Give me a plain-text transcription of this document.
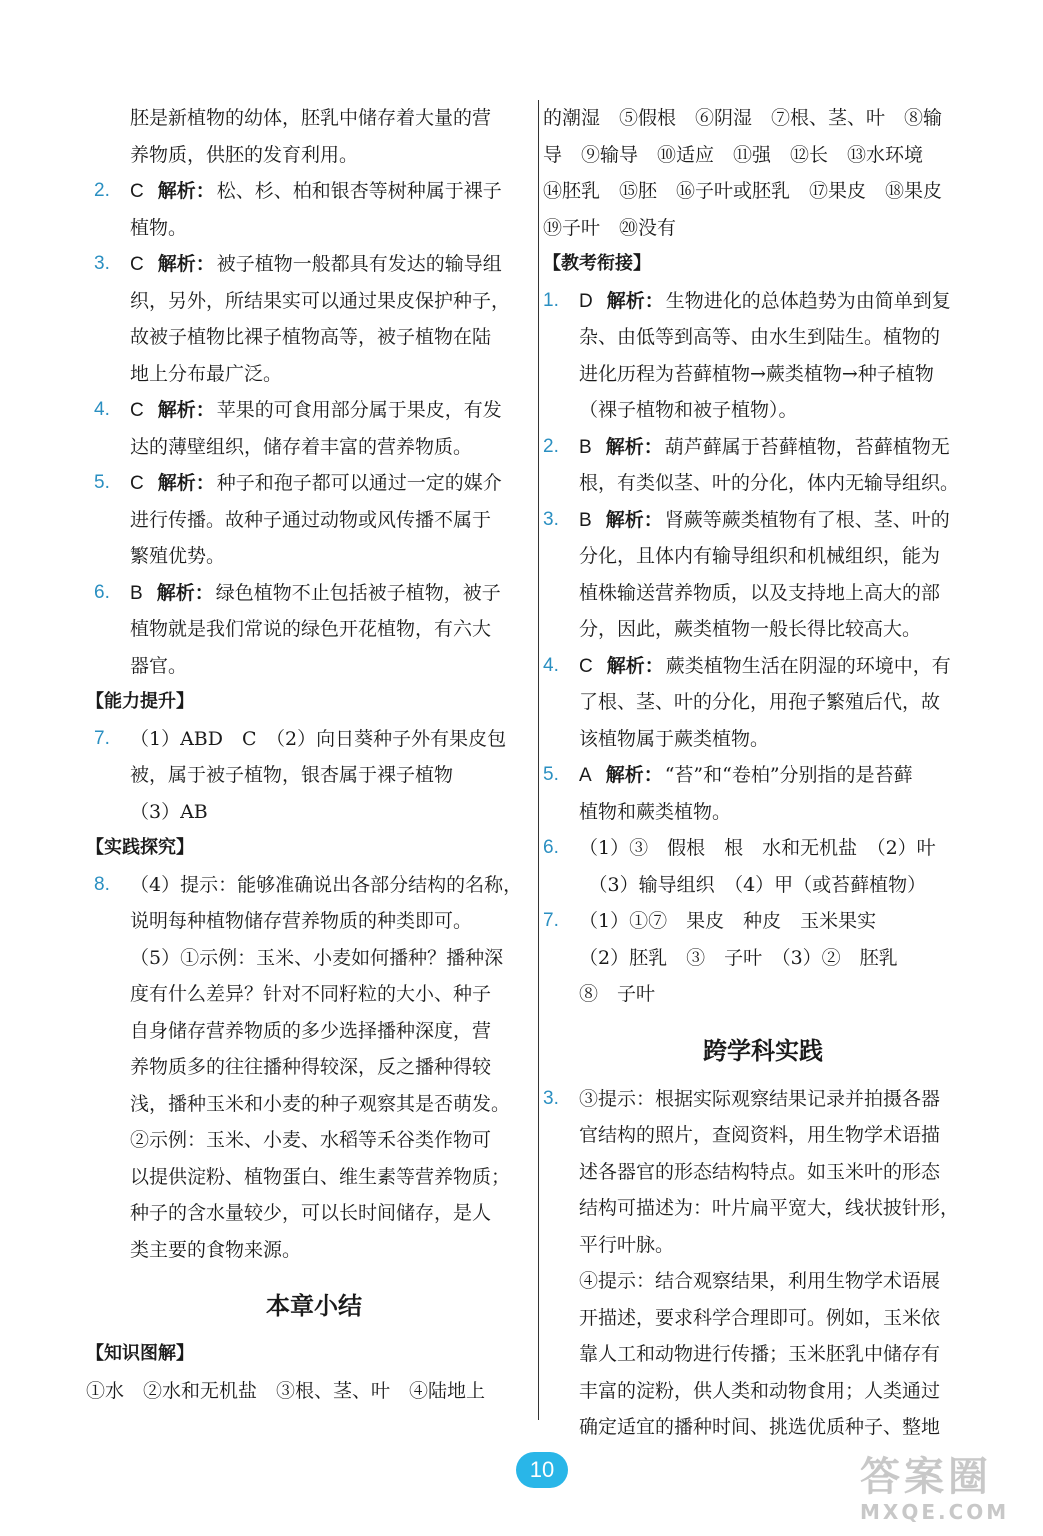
胚是新植物的幼体，胚乳中储存着大量的营
养物质，供胚的发育利用。
2.	C 解析： 松、杉、柏和银杏等树种属于裸子
植物。
3.	C 解析： 被子植物一般都具有发达的输导组
织，另外，所结果实可以通过果皮保护种子，
故被子植物比裸子植物高等，被子植物在陆
地上分布最广泛。
4.	C 解析： 苹果的可食用部分属于果皮，有发
达的薄壁组织，储存着丰富的营养物质。
5.	C 解析： 种子和孢子都可以通过一定的媒介
进行传播。故种子通过动物或风传播不属于
繁殖优势。
6.	B 解析： 绿色植物不止包括被子植物，被子
植物就是我们常说的绿色开花植物，有六大
器官。
【能力提升】
7.	（1）ABD　C　（2）向日葵种子外有果皮包
被，属于被子植物，银杏属于裸子植物
（3）AB
【实践探究】
8.	（4）提示：能够准确说出各部分结构的名称，
说明每种植物储存营养物质的种类即可。
（5）①示例：玉米、小麦如何播种？播种深
度有什么差异？针对不同籽粒的大小、种子
自身储存营养物质的多少选择播种深度，营
养物质多的往往播种得较深，反之播种得较
浅，播种玉米和小麦的种子观察其是否萌发。
②示例：玉米、小麦、水稻等禾谷类作物可
以提供淀粉、植物蛋白、维生素等营养物质；
种子的含水量较少，可以长时间储存，是人
类主要的食物来源。
本章小结
【知识图解】
①水　②水和无机盐　③根、茎、叶　④陆地上
的潮湿　⑤假根　⑥阴湿　⑦根、茎、叶　⑧输
导　⑨输导　⑩适应　⑪强　⑫长　⑬水环境
⑭胚乳　⑮胚　⑯子叶或胚乳　⑰果皮　⑱果皮
⑲子叶　⑳没有
【教考衔接】
1.	D 解析： 生物进化的总体趋势为由简单到复
杂、由低等到高等、由水生到陆生。植物的
进化历程为苔藓植物→蕨类植物→种子植物
（裸子植物和被子植物）。
2.	B 解析： 葫芦藓属于苔藓植物，苔藓植物无
根，有类似茎、叶的分化，体内无输导组织。
3.	B 解析： 肾蕨等蕨类植物有了根、茎、叶的
分化，且体内有输导组织和机械组织，能为
植株输送营养物质，以及支持地上高大的部
分，因此，蕨类植物一般长得比较高大。
4.	C 解析： 蕨类植物生活在阴湿的环境中，有
了根、茎、叶的分化，用孢子繁殖后代，故
该植物属于蕨类植物。
5.	A 解析： “苔”和“卷柏”分别指的是苔藓
植物和蕨类植物。
6.	（1）③　假根　根　水和无机盐　（2）叶
　（3）输导组织　（4）甲（或苔藓植物）
7.	（1）①⑦　果皮　种皮　玉米果实
（2）胚乳　③　子叶　（3）②　胚乳
⑧　子叶
跨学科实践
3.	③提示：根据实际观察结果记录并拍摄各器
官结构的照片，查阅资料，用生物学术语描
述各器官的形态结构特点。如玉米叶的形态
结构可描述为：叶片扁平宽大，线状披针形，
平行叶脉。
④提示：结合观察结果，利用生物学术语展
开描述，要求科学合理即可。例如，玉米依
靠人工和动物进行传播；玉米胚乳中储存有
丰富的淀粉，供人类和动物食用；人类通过
确定适宜的播种时间、挑选优质种子、整地
10	答案圈
MXQE.COM
